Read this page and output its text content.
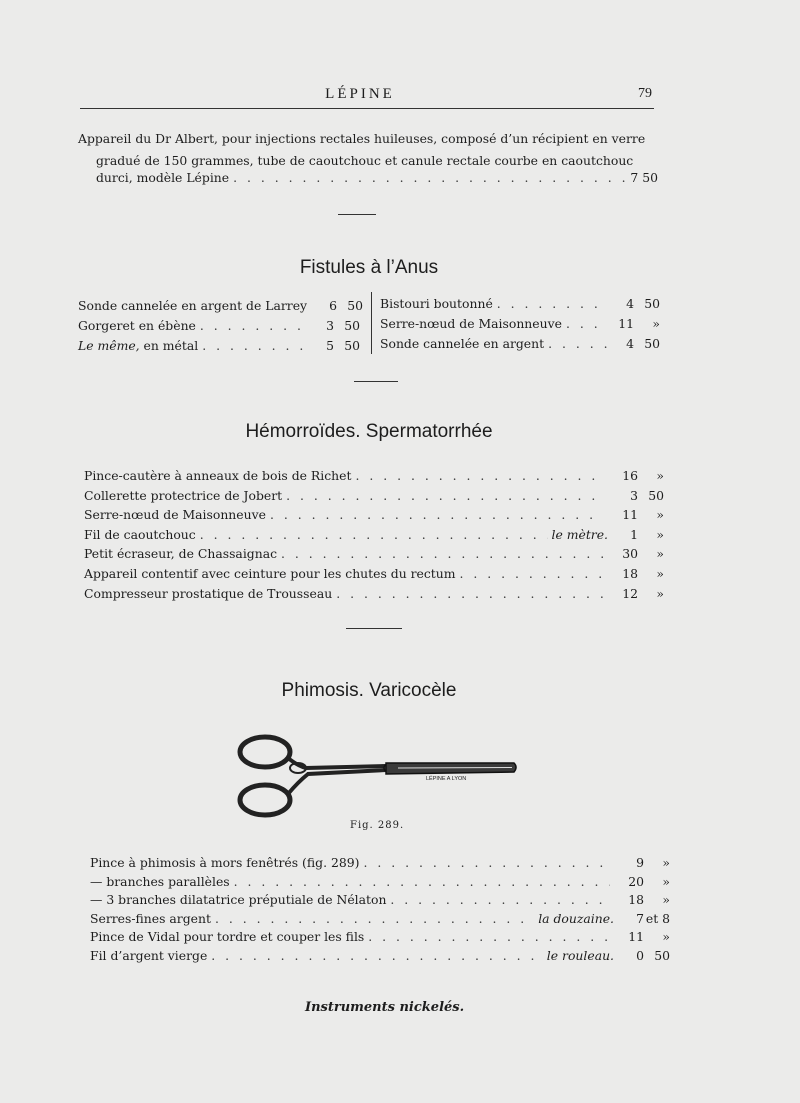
LÉPINE	79
Appareil du Dr Albert, pour injections rectales huileuses, composé d’un récipient en verre
gradué de 150 grammes, tube de caoutchouc et canule rectale courbe en caoutchouc
durci, modèle Lépine . . .	7 50
Fistules à l’Anus
Sonde cannelée en argent de Larrey	6 50
Gorgeret en ébène . . .	3 50
Le même, en métal . . .	5 50
Bistouri boutonné . . .	4 50
Serre-nœud de Maisonneuve . . .	11 »
Sonde cannelée en argent . . .	4 50
Hémorroïdes. Spermatorrhée
Pince-cautère à anneaux de bois de Richet . . .	16 »
Collerette protectrice de Jobert . . .	3 50
Serre-nœud de Maisonneuve . . .	11 »
Fil de caoutchouc . . .	le mètre.	1 »
Petit écraseur, de Chassaignac . . .	30 »
Appareil contentif avec ceinture pour les chutes du rectum . . .	18 »
Compresseur prostatique de Trousseau . . .	12 »
Phimosis. Varicocèle
LÉPINE A LYON
Fig. 289.
Pince à phimosis à mors fenêtrés (fig. 289) . . .	9 »
— branches parallèles . . .	20 »
— 3 branches dilatatrice préputiale de Nélaton . . .	18 »
Serres-fines argent . . .	la douzaine.	7 et 8
Pince de Vidal pour tordre et couper les fils . . .	11 »
Fil d’argent vierge . . .	le rouleau.	0 50
Instruments nickelés.
